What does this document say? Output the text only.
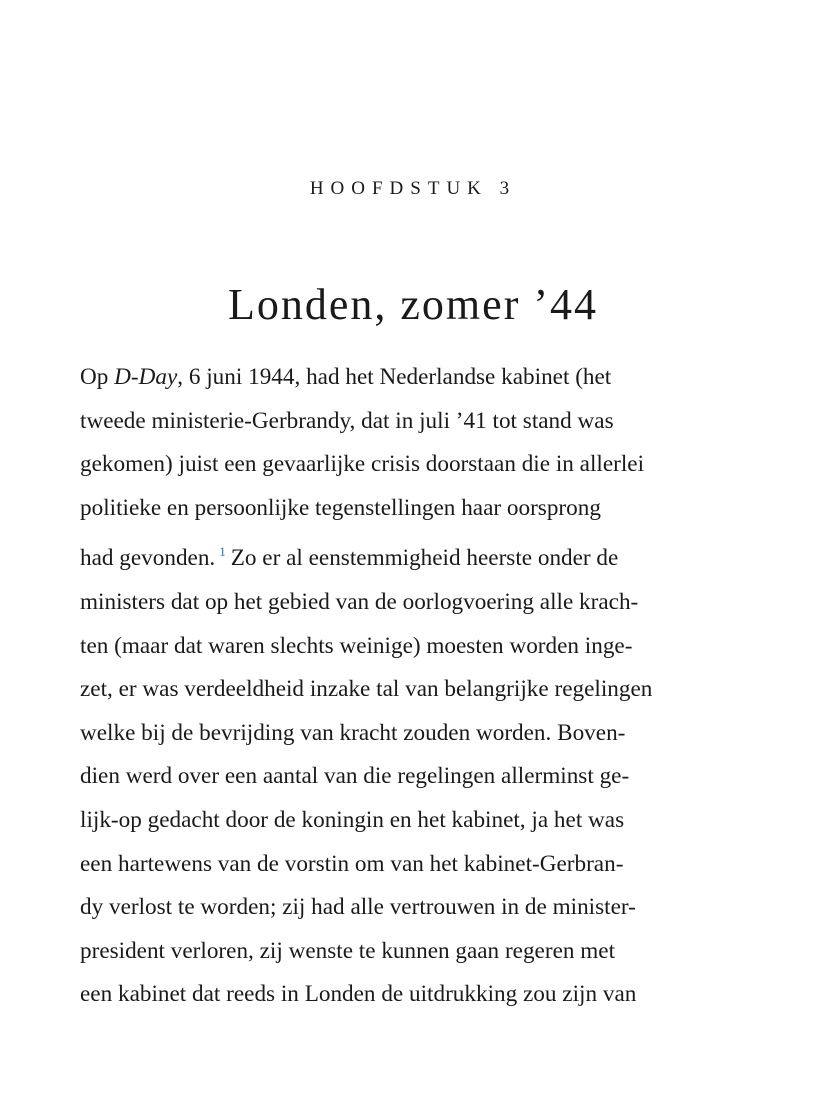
HOOFDSTUK 3
Londen, zomer ’44

Op D-Day, 6 juni 1944, had het Nederlandse kabinet (het
tweede ministerie-Gerbrandy, dat in juli ’41 tot stand was
gekomen) juist een gevaarlijke crisis doorstaan die in allerlei
politieke en persoonlijke tegenstellingen haar oorsprong
had gevonden. $^1$ Zo er al eenstemmigheid heerste onder de
ministers dat op het gebied van de oorlogvoering alle krach-
ten (maar dat waren slechts weinige) moesten worden inge-
zet, er was verdeeldheid inzake tal van belangrijke regelingen
welke bij de bevrijding van kracht zouden worden. Boven-
dien werd over een aantal van die regelingen allerminst ge-
lijk-op gedacht door de koningin en het kabinet, ja het was
een hartewens van de vorstin om van het kabinet-Gerbran-
dy verlost te worden; zij had alle vertrouwen in de minister-
president verloren, zij wenste te kunnen gaan regeren met
een kabinet dat reeds in Londen de uitdrukking zou zijn van
